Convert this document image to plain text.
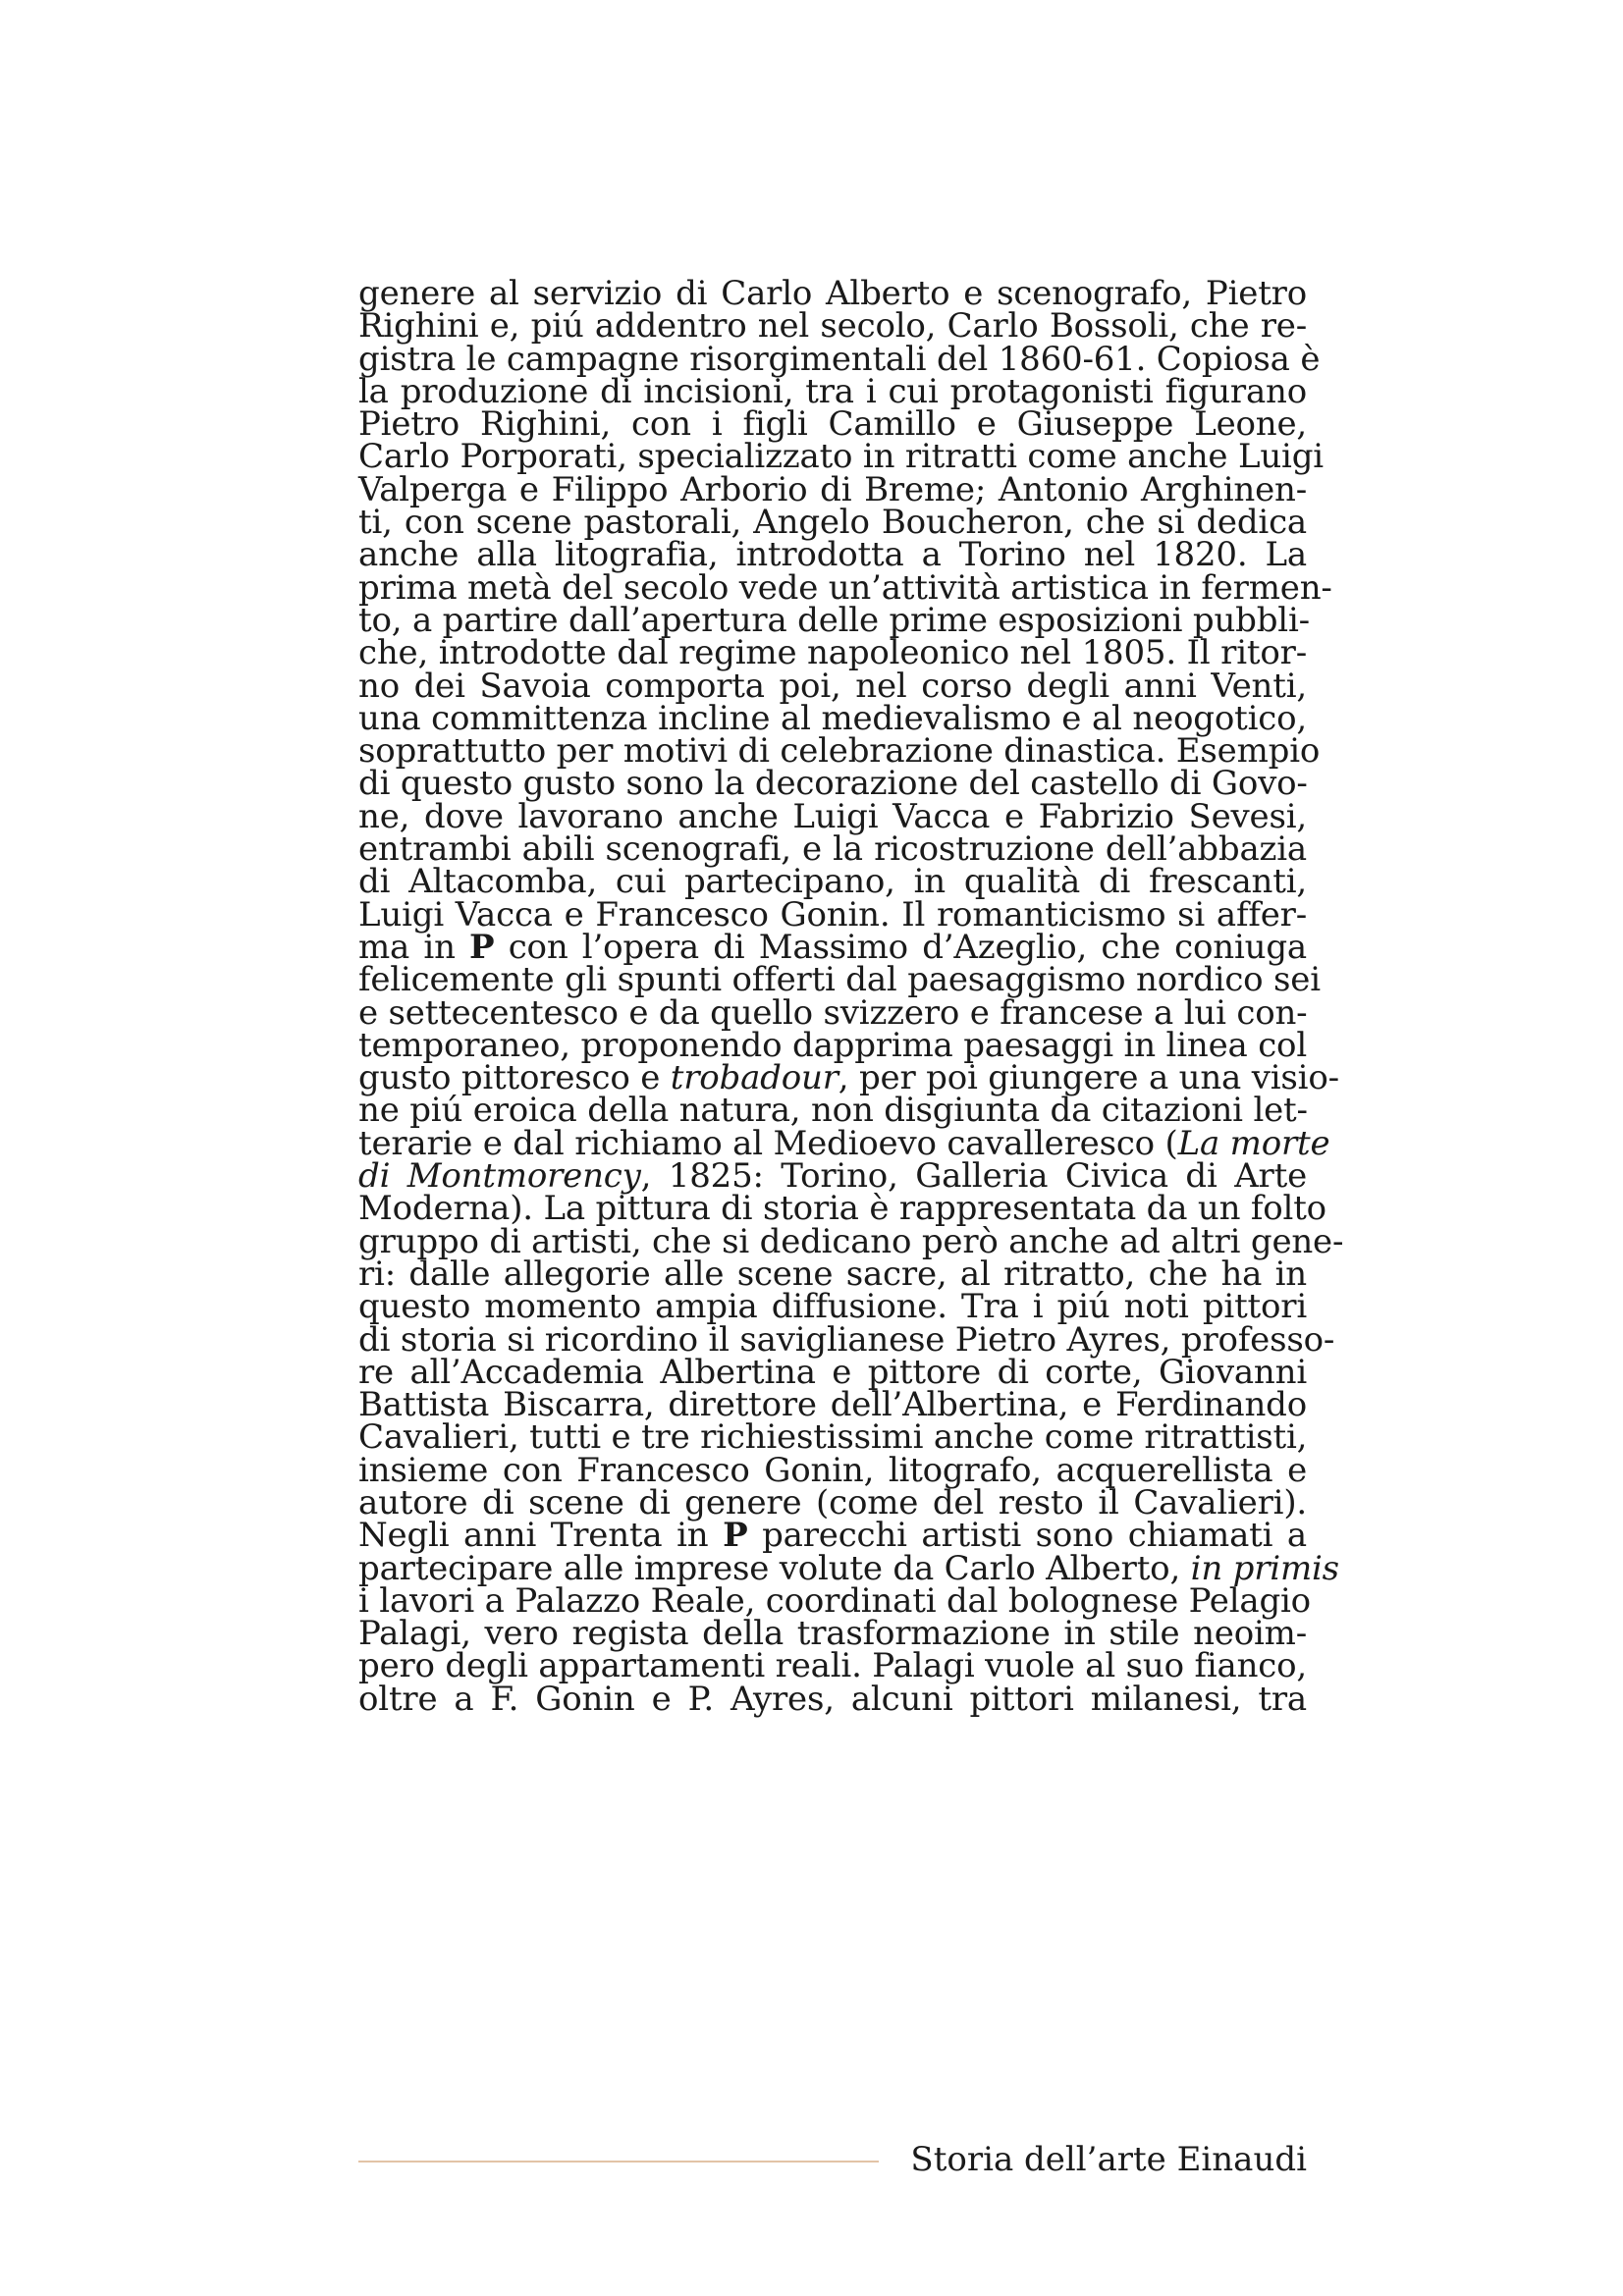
genere al servizio di Carlo Alberto e scenografo, Pietro
Righini e, piú addentro nel secolo, Carlo Bossoli, che re-
gistra le campagne risorgimentali del 1860-61. Copiosa è
la produzione di incisioni, tra i cui protagonisti figurano
Pietro Righini, con i figli Camillo e Giuseppe Leone,
Carlo Porporati, specializzato in ritratti come anche Luigi
Valperga e Filippo Arborio di Breme; Antonio Arghinen-
ti, con scene pastorali, Angelo Boucheron, che si dedica
anche alla litografia, introdotta a Torino nel 1820. La
prima metà del secolo vede un’attività artistica in fermen-
to, a partire dall’apertura delle prime esposizioni pubbli-
che, introdotte dal regime napoleonico nel 1805. Il ritor-
no dei Savoia comporta poi, nel corso degli anni Venti,
una committenza incline al medievalismo e al neogotico,
soprattutto per motivi di celebrazione dinastica. Esempio
di questo gusto sono la decorazione del castello di Govo-
ne, dove lavorano anche Luigi Vacca e Fabrizio Sevesi,
entrambi abili scenografi, e la ricostruzione dell’abbazia
di Altacomba, cui partecipano, in qualità di frescanti,
Luigi Vacca e Francesco Gonin. Il romanticismo si affer-
ma in P con l’opera di Massimo d’Azeglio, che coniuga
felicemente gli spunti offerti dal paesaggismo nordico sei
e settecentesco e da quello svizzero e francese a lui con-
temporaneo, proponendo dapprima paesaggi in linea col
gusto pittoresco e trobadour, per poi giungere a una visio-
ne piú eroica della natura, non disgiunta da citazioni let-
terarie e dal richiamo al Medioevo cavalleresco (La morte
di Montmorency, 1825: Torino, Galleria Civica di Arte
Moderna). La pittura di storia è rappresentata da un folto
gruppo di artisti, che si dedicano però anche ad altri gene-
ri: dalle allegorie alle scene sacre, al ritratto, che ha in
questo momento ampia diffusione. Tra i piú noti pittori
di storia si ricordino il saviglianese Pietro Ayres, professo-
re all’Accademia Albertina e pittore di corte, Giovanni
Battista Biscarra, direttore dell’Albertina, e Ferdinando
Cavalieri, tutti e tre richiestissimi anche come ritrattisti,
insieme con Francesco Gonin, litografo, acquerellista e
autore di scene di genere (come del resto il Cavalieri).
Negli anni Trenta in P parecchi artisti sono chiamati a
partecipare alle imprese volute da Carlo Alberto, in primis
i lavori a Palazzo Reale, coordinati dal bolognese Pelagio
Palagi, vero regista della trasformazione in stile neoim-
pero degli appartamenti reali. Palagi vuole al suo fianco,
oltre a F. Gonin e P. Ayres, alcuni pittori milanesi, tra
Storia dell’arte Einaudi
